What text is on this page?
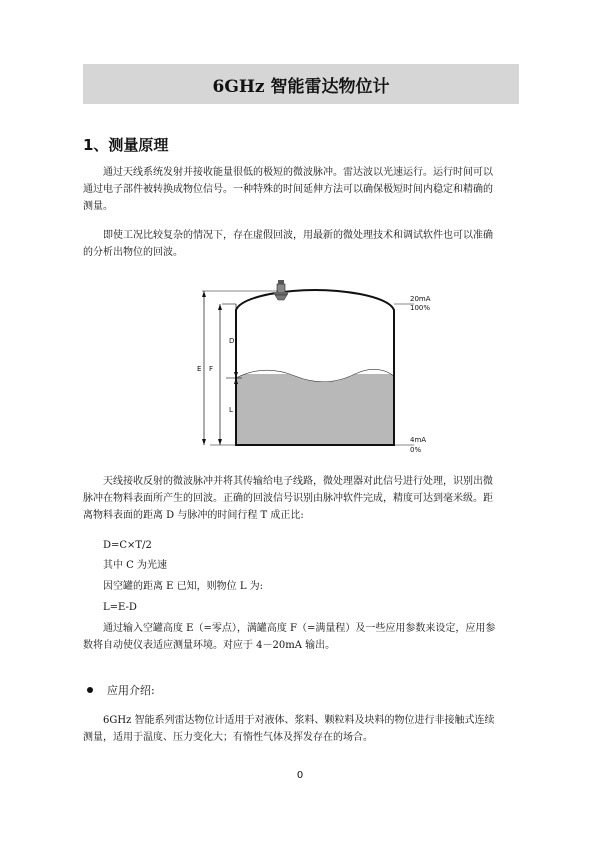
6GHz 智能雷达物位计
1、测量原理
通过天线系统发射并接收能量很低的极短的微波脉冲。雷达波以光速运行。运行时间可以
通过电子部件被转换成物位信号。一种特殊的时间延伸方法可以确保极短时间内稳定和精确的
测量。
即使工况比较复杂的情况下，存在虚假回波，用最新的微处理技术和调试软件也可以准确
的分析出物位的回波。
E F
D
L
20mA
100%
4mA
0%
天线接收反射的微波脉冲并将其传输给电子线路，微处理器对此信号进行处理，识别出微
脉冲在物料表面所产生的回波。正确的回波信号识别由脉冲软件完成，精度可达到毫米级。距
离物料表面的距离 D 与脉冲的时间行程 T 成正比:
D=C×T/2
其中 C 为光速
因空罐的距离 E 已知，则物位 L 为:
L=E-D
通过输入空罐高度 E（=零点），满罐高度 F（=满量程）及一些应用参数来设定，应用参
数将自动使仪表适应测量环境。对应于 4－20mA 输出。
应用介绍:
6GHz 智能系列雷达物位计适用于对液体、浆料、颗粒料及块料的物位进行非接触式连续
测量，适用于温度、压力变化大；有惰性气体及挥发存在的场合。
0
